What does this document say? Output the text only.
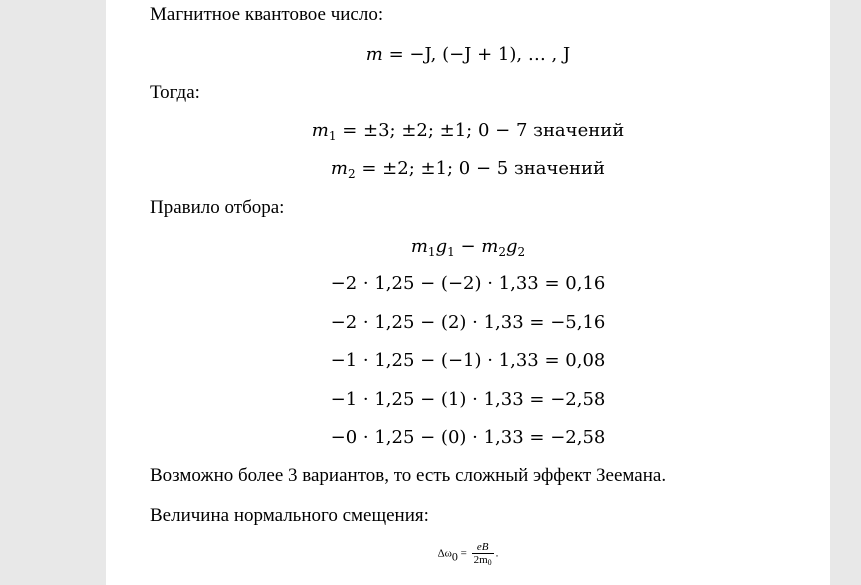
Магнитное квантовое число:
m = −J, (−J + 1), … , J
Тогда:
$m_1 = \pm 3$; ±2; ±1; 0 − 7 значений
$m_2 = \pm 2$; ±1; 0 − 5 значений
Правило отбора:
$m_1g_1 - m_2g_2$
−2 · 1,25 − (−2) · 1,33 = 0,16
−2 · 1,25 − (2) · 1,33 = −5,16
−1 · 1,25 − (−1) · 1,33 = 0,08
−1 · 1,25 − (1) · 1,33 = −2,58
−0 · 1,25 − (0) · 1,33 = −2,58
Возможно более 3 вариантов, то есть сложный эффект Зеемана.
Величина нормального смещения:
$\Delta\omega_0 = \frac{eB}{2m_0}$ .
